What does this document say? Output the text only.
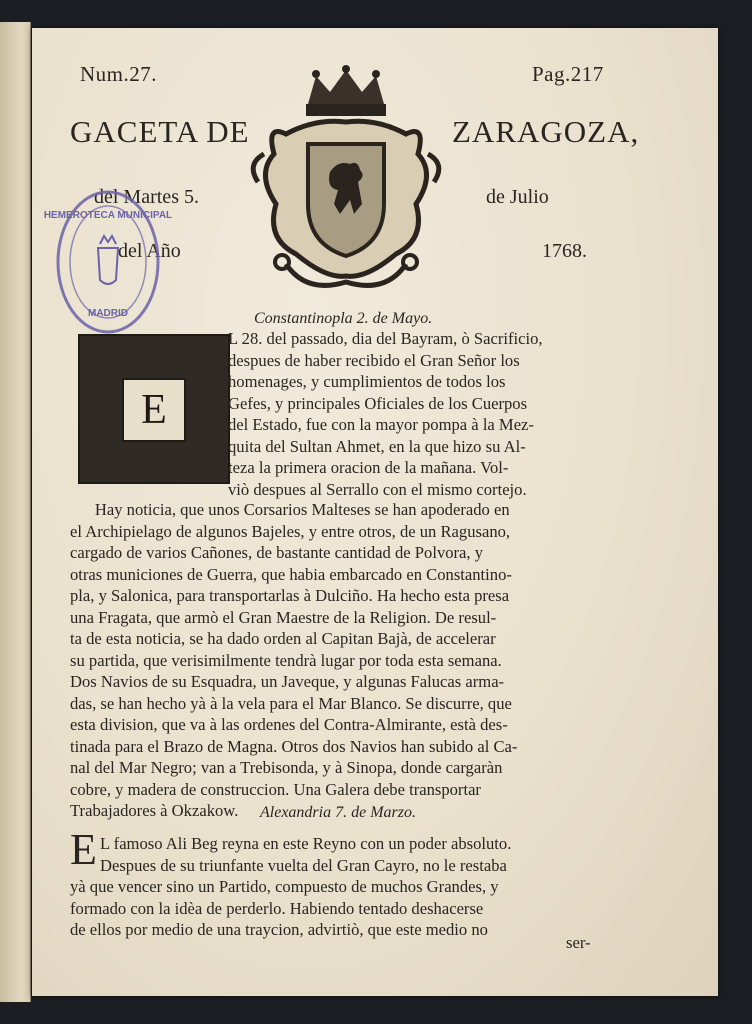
Num.27.	Pag.217
GACETA DE	ZARAGOZA,
del Martes 5.	de Julio
del Año	1768.
HEMEROTECA MUNICIPAL
MADRID	Constantinopla 2. de Mayo.
E
L 28. del passado, dia del Bayram, ò Sacrificio,
despues de haber recibido el Gran Señor los
homenages, y cumplimientos de todos los
Gefes, y principales Oficiales de los Cuerpos
del Estado, fue con la mayor pompa à la Mez-
quita del Sultan Ahmet, en la que hizo su Al-
teza la primera oracion de la mañana. Vol-
viò despues al Serrallo con el mismo cortejo.
Hay noticia, que unos Corsarios Malteses se han apoderado en
el Archipielago de algunos Bajeles, y entre otros, de un Ragusano,
cargado de varios Cañones, de bastante cantidad de Polvora, y
otras municiones de Guerra, que habia embarcado en Constantino-
pla, y Salonica, para transportarlas à Dulciño. Ha hecho esta presa
una Fragata, que armò el Gran Maestre de la Religion. De resul-
ta de esta noticia, se ha dado orden al Capitan Bajà, de accelerar
su partida, que verisimilmente tendrà lugar por toda esta semana.
Dos Navios de su Esquadra, un Javeque, y algunas Falucas arma-
das, se han hecho yà à la vela para el Mar Blanco. Se discurre, que
esta division, que va à las ordenes del Contra-Almirante, està des-
tinada para el Brazo de Magna. Otros dos Navios han subido al Ca-
nal del Mar Negro; van a Trebisonda, y à Sinopa, donde cargaràn
cobre, y madera de construccion. Una Galera debe transportar
Trabajadores à Okzakow.	Alexandria 7. de Marzo.
E L famoso Ali Beg reyna en este Reyno con un poder absoluto.
Despues de su triunfante vuelta del Gran Cayro, no le restaba
yà que vencer sino un Partido, compuesto de muchos Grandes, y
formado con la idèa de perderlo. Habiendo tentado deshacerse
de ellos por medio de una traycion, advirtiò, que este medio no
ser-
